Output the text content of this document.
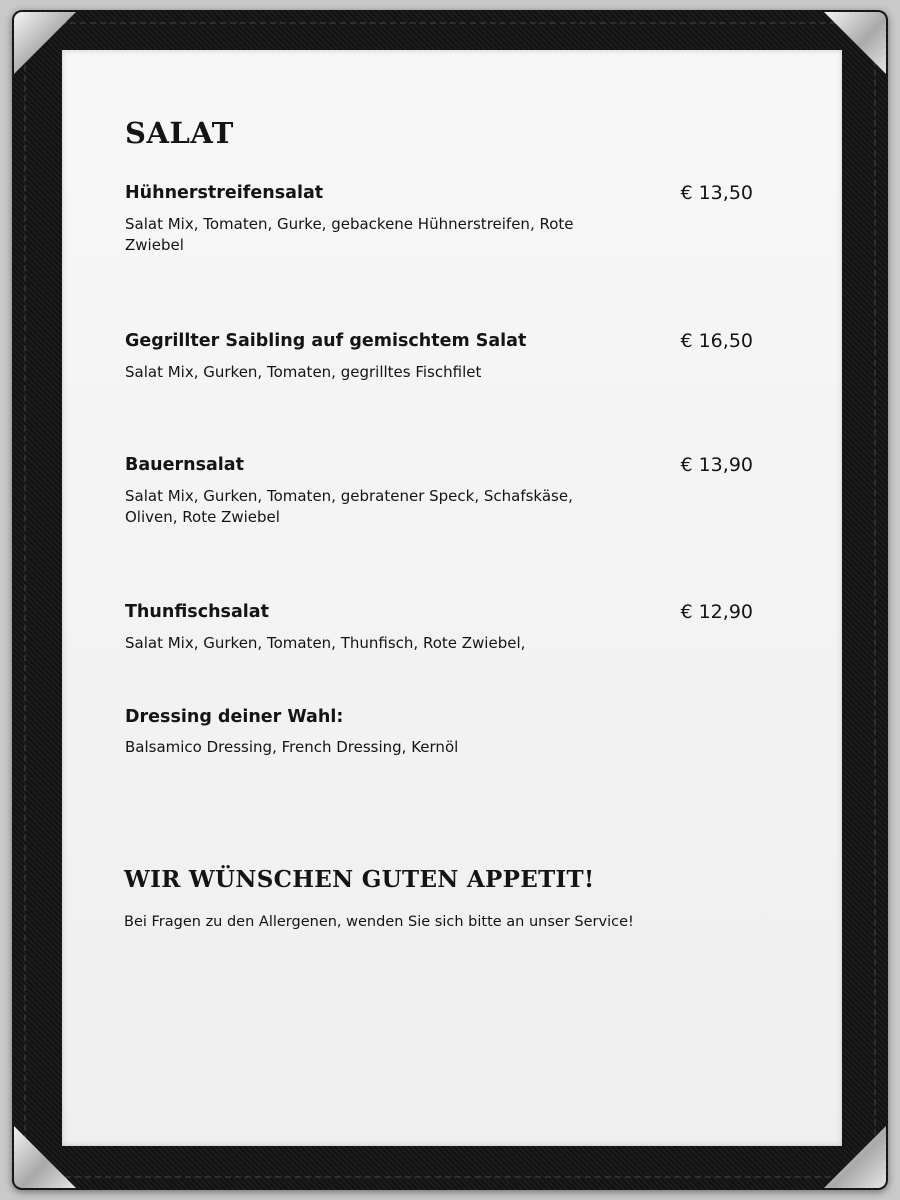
SALAT
Hühnerstreifensalat	€ 13,50
Salat Mix, Tomaten, Gurke, gebackene Hühnerstreifen, Rote Zwiebel
Gegrillter Saibling auf gemischtem Salat	€ 16,50
Salat Mix, Gurken, Tomaten, gegrilltes Fischfilet
Bauernsalat	€ 13,90
Salat Mix, Gurken, Tomaten, gebratener Speck, Schafskäse, Oliven, Rote Zwiebel
Thunfischsalat	€ 12,90
Salat Mix, Gurken, Tomaten, Thunfisch, Rote Zwiebel,
Dressing deiner Wahl:
Balsamico Dressing, French Dressing, Kernöl
WIR WÜNSCHEN GUTEN APPETIT!
Bei Fragen zu den Allergenen, wenden Sie sich bitte an unser Service!
